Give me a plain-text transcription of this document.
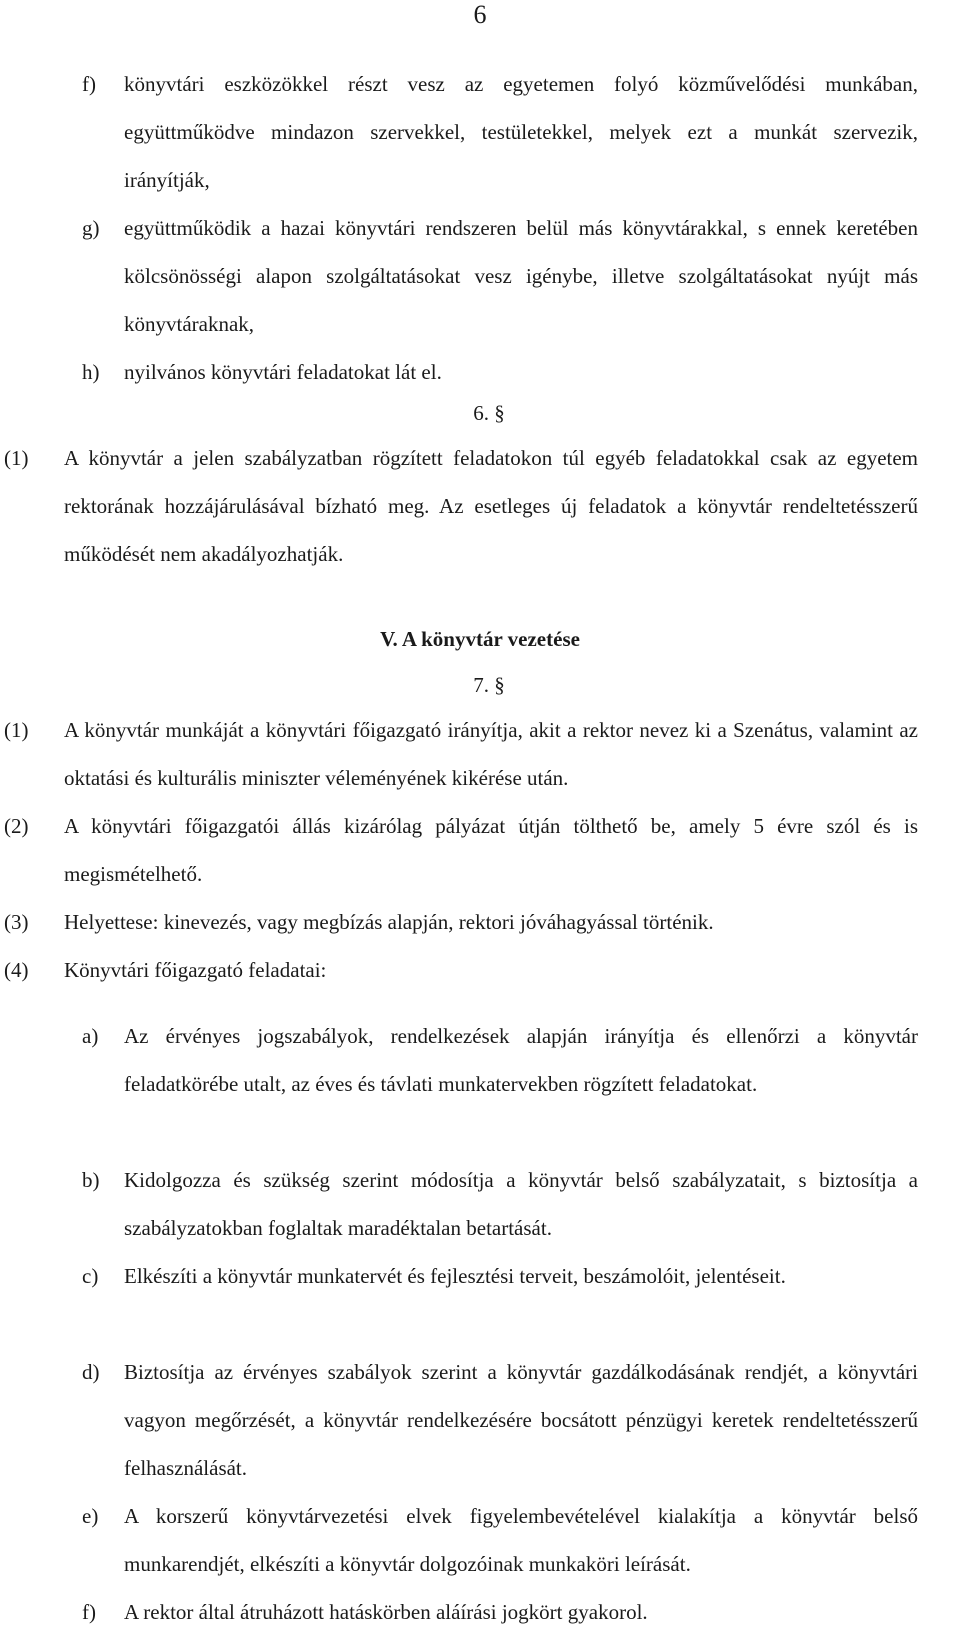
6
f)	könyvtári eszközökkel részt vesz az egyetemen folyó közművelődési munkában, együttműködve mindazon szervekkel, testületekkel, melyek ezt a munkát szervezik, irányítják,
g)	együttműködik a hazai könyvtári rendszeren belül más könyvtárakkal, s ennek keretében kölcsönösségi alapon szolgáltatásokat vesz igénybe, illetve szolgáltatásokat nyújt más könyvtáraknak,
h)	nyilvános könyvtári feladatokat lát el.
6. §
(1)	A könyvtár a jelen szabályzatban rögzített feladatokon túl egyéb feladatokkal csak az egyetem rektorának hozzájárulásával bízható meg. Az esetleges új feladatok a könyvtár rendeltetésszerű működését nem akadályozhatják.
V. A könyvtár vezetése
7. §
(1)	A könyvtár munkáját a könyvtári főigazgató irányítja, akit a rektor nevez ki a Szenátus, valamint az oktatási és kulturális miniszter véleményének kikérése után.
(2)	A könyvtári főigazgatói állás kizárólag pályázat útján tölthető be, amely 5 évre szól és is megismételhető.
(3)	Helyettese: kinevezés, vagy megbízás alapján, rektori jóváhagyással történik.
(4)	Könyvtári főigazgató feladatai:
a)	Az érvényes jogszabályok, rendelkezések alapján irányítja és ellenőrzi a könyvtár feladatkörébe utalt, az éves és távlati munkatervekben rögzített feladatokat.
b)	Kidolgozza és szükség szerint módosítja a könyvtár belső szabályzatait, s biztosítja a szabályzatokban foglaltak maradéktalan betartását.
c)	Elkészíti a könyvtár munkatervét és fejlesztési terveit, beszámolóit, jelentéseit.
d)	Biztosítja az érvényes szabályok szerint a könyvtár gazdálkodásának rendjét, a könyvtári vagyon megőrzését, a könyvtár rendelkezésére bocsátott pénzügyi keretek rendeltetésszerű felhasználását.
e)	A korszerű könyvtárvezetési elvek figyelembevételével kialakítja a könyvtár belső munkarendjét, elkészíti a könyvtár dolgozóinak munkaköri leírását.
f)	A rektor által átruházott hatáskörben aláírási jogkört gyakorol.
